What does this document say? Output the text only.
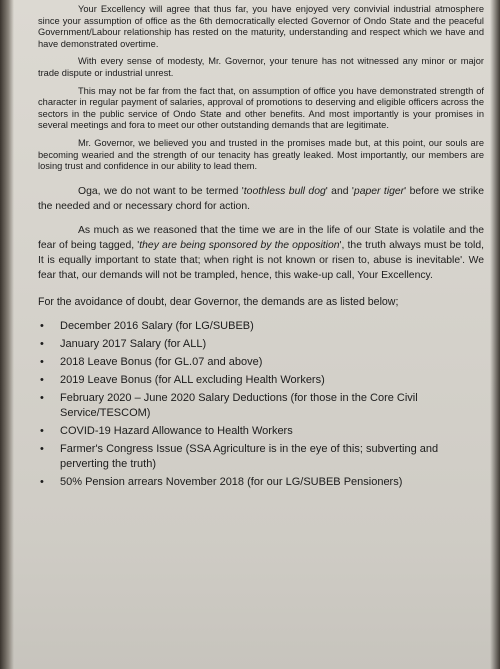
Your Excellency will agree that thus far, you have enjoyed very convivial industrial atmosphere since your assumption of office as the 6th democratically elected Governor of Ondo State and the peaceful Government/Labour relationship has rested on the maturity, understanding and respect which we have and have demonstrated overtime.

With every sense of modesty, Mr. Governor, your tenure has not witnessed any minor or major trade dispute or industrial unrest.

This may not be far from the fact that, on assumption of office you have demonstrated strength of character in regular payment of salaries, approval of promotions to deserving and eligible officers across the sectors in the public service of Ondo State and other benefits. And most importantly is your promises in several meetings and fora to meet our other outstanding demands that are legitimate.

Mr. Governor, we believed you and trusted in the promises made but, at this point, our souls are becoming wearied and the strength of our tenacity has greatly leaked. Most importantly, our members are losing trust and confidence in our ability to lead them.

Oga, we do not want to be termed 'toothless bull dog' and 'paper tiger' before we strike the needed and or necessary chord for action.

As much as we reasoned that the time we are in the life of our State is volatile and the fear of being tagged, 'they are being sponsored by the opposition', the truth always must be told, It is equally important to state that; when right is not known or risen to, abuse is inevitable'. We fear that, our demands will not be trampled, hence, this wake-up call, Your Excellency.

For the avoidance of doubt, dear Governor, the demands are as listed below;
• December 2016 Salary (for LG/SUBEB)
• January 2017 Salary (for ALL)
• 2018 Leave Bonus (for GL.07 and above)
• 2019 Leave Bonus (for ALL excluding Health Workers)
• February 2020 – June 2020 Salary Deductions (for those in the Core Civil Service/TESCOM)
• COVID-19 Hazard Allowance to Health Workers
• Farmer's Congress Issue (SSA Agriculture is in the eye of this; subverting and perverting the truth)
• 50% Pension arrears November 2018 (for our LG/SUBEB Pensioners)
